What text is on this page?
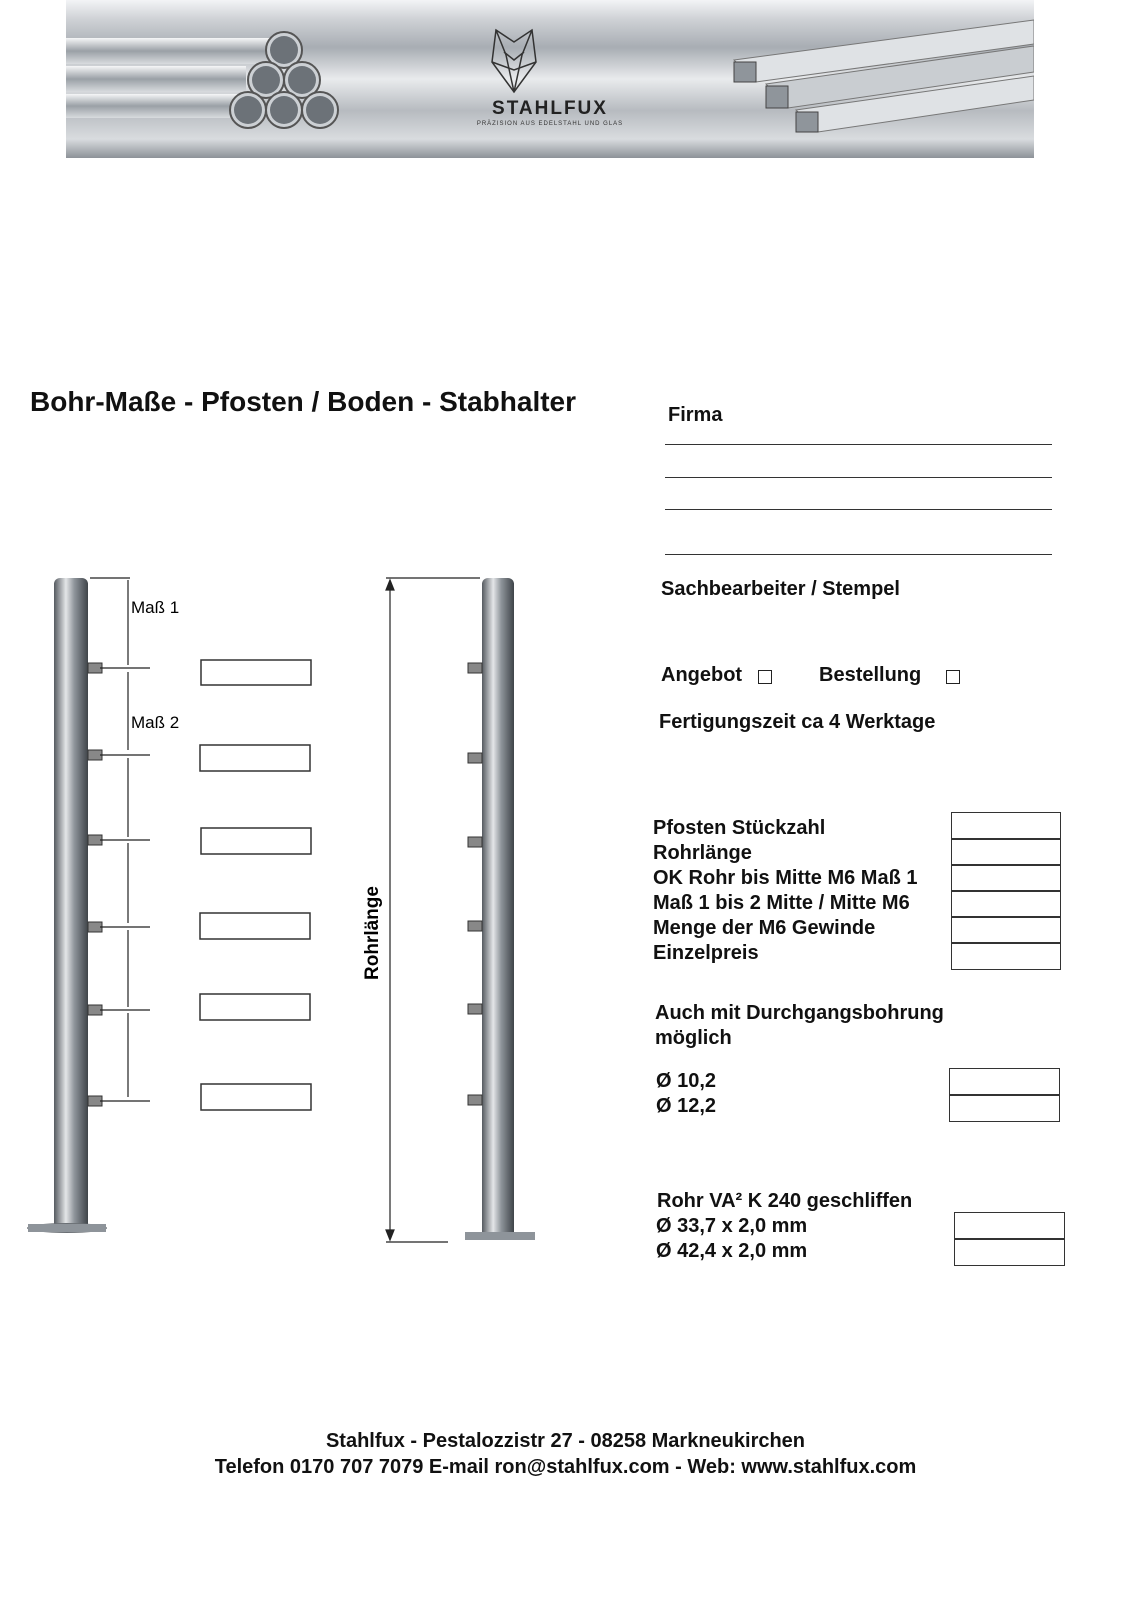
STAHLFUX
PRÄZISION AUS EDELSTAHL UND GLAS
Bohr-Maße - Pfosten / Boden - Stabhalter	Firma
Sachbearbeiter / Stempel
Angebot	Bestellung
Fertigungszeit ca 4 Werktage
Pfosten Stückzahl
Rohrlänge
OK Rohr bis Mitte M6 Maß 1
Maß 1 bis 2 Mitte / Mitte M6
Menge der M6 Gewinde
Einzelpreis
Auch mit Durchgangsbohrung
möglich
Ø 10,2
Ø 12,2
Rohr VA² K 240 geschliffen
Ø 33,7 x 2,0 mm
Ø 42,4 x 2,0 mm
Maß 1
Maß 2
Rohrlänge
Stahlfux - Pestalozzistr 27 - 08258 Markneukirchen
Telefon 0170 707 7079 E-mail ron@stahlfux.com - Web: www.stahlfux.com
